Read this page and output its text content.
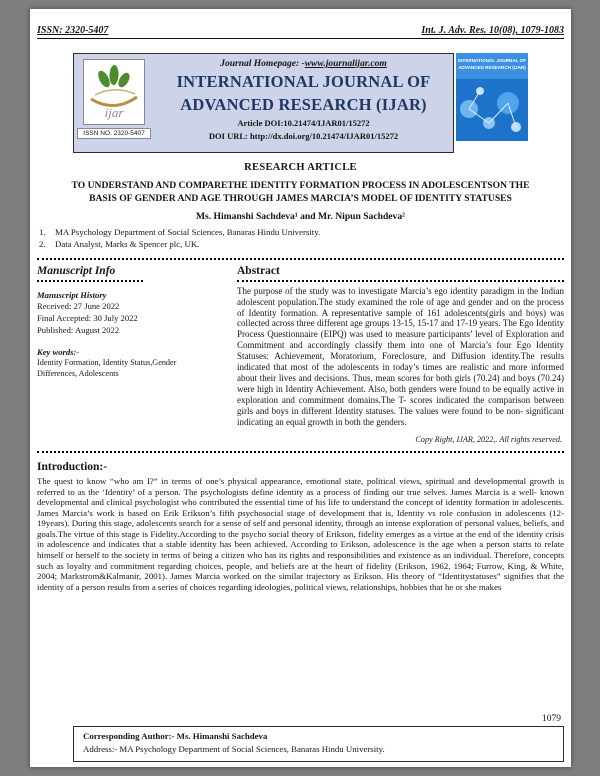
ISSN: 2320-5407	Int. J. Adv. Res. 10(08), 1079-1083
ijar
ISSN NO. 2320-5407
Journal Homepage: -www.journalijar.com
INTERNATIONAL JOURNAL OF
ADVANCED RESEARCH (IJAR)
Article DOI:10.21474/IJAR01/15272
DOI URL: http://dx.doi.org/10.21474/IJAR01/15272
INTERNATIONAL JOURNAL OF
ADVANCED RESEARCH (IJAR)
RESEARCH ARTICLE
TO UNDERSTAND AND COMPARETHE IDENTITY FORMATION PROCESS IN ADOLESCENTSON THE BASIS OF GENDER AND AGE THROUGH JAMES MARCIA’S MODEL OF IDENTITY STATUSES
Ms. Himanshi Sachdeva¹ and Mr. Nipun Sachdeva²
1.	MA Psychology Department of Social Sciences, Banaras Hindu University.
2.	Data Analyst, Marks & Spencer plc, UK.
Manuscript Info
Manuscript History
Received: 27 June 2022
Final Accepted: 30 July 2022
Published: August 2022
Key words:-
Identity Formation, Identity Status,Gender Differences, Adolescents
Abstract

The purpose of the study was to investigate Marcia’s ego identity paradigm in the Indian adolescent population.The study examined the role of age and gender and on the process of Identity formation. A representative sample of 161 adolescents(girls and boys) was collected across three different age groups 13-15, 15-17 and 17-19 years. The Ego Identity Process Questionnaire (EIPQ) was used to measure participants’ level of Exploration and Commitment and accordingly classify them into one of Marcia’s four Ego Identity Statuses: Achievement, Moratorium, Foreclosure, and Diffusion identity.The results indicated that most of the adolescents in today’s times are realistic and more informed about their lives and decisions. Thus, mean scores for both girls (70.24) and boys (70.24) were high in Identity Achievement. Also, both genders were found to be equally active in exploration and commitment domains.The T- scores indicated the comparison between girls and boys in different Identity statuses. The values were found to be non- significant indicating an equal growth in both the genders.

Copy Right, IJAR, 2022,. All rights reserved.
Introduction:-

The quest to know “who am I?” in terms of one’s physical appearance, emotional state, political views, spiritual and developmental growth is referred to as the ‘Identity’ of a person. The psychologists define identity as a process of finding our true selves. James Marcia is a well- known developmental and clinical psychologist who contributed the essential time of his life to understand the concept of identity formation in adolescents. James Marcia’s work is based on Erik Erikson’s fifth psychosocial stage of development that is, Identity vs role confusion in adolescents (12-19years). During this stage, adolescents search for a sense of self and personal identity, through an intense exploration of personal values, beliefs, and goals.The virtue of this stage is Fidelity.According to the psycho social theory of Erikson, fidelity emerges as a virtue at the end of the identity crisis in adolescence and indicates that a stable identity has been achieved. According to Erikson, adolescence is the age when a person starts to relate himself or herself to the society in terms of being a citizen who has its rights and responsibilities and existence as an individual. Therefore, concepts such as loyalty and commitment regarding choices, people, and beliefs are at the heart of fidelity (Erikson, 1962, 1964; Furrow, King, & White, 2004; Markstrom&Kalmanir, 2001). James Marcia worked on the similar trajectory as Erikson. His theory of “Identitystatuses” signifies that the identity of a person results from a series of choices regarding ideologies, political views, relationships, hobbies that he or she makes

1079
Corresponding Author:- Ms. Himanshi Sachdeva
Address:- MA Psychology Department of Social Sciences, Banaras Hindu University.
